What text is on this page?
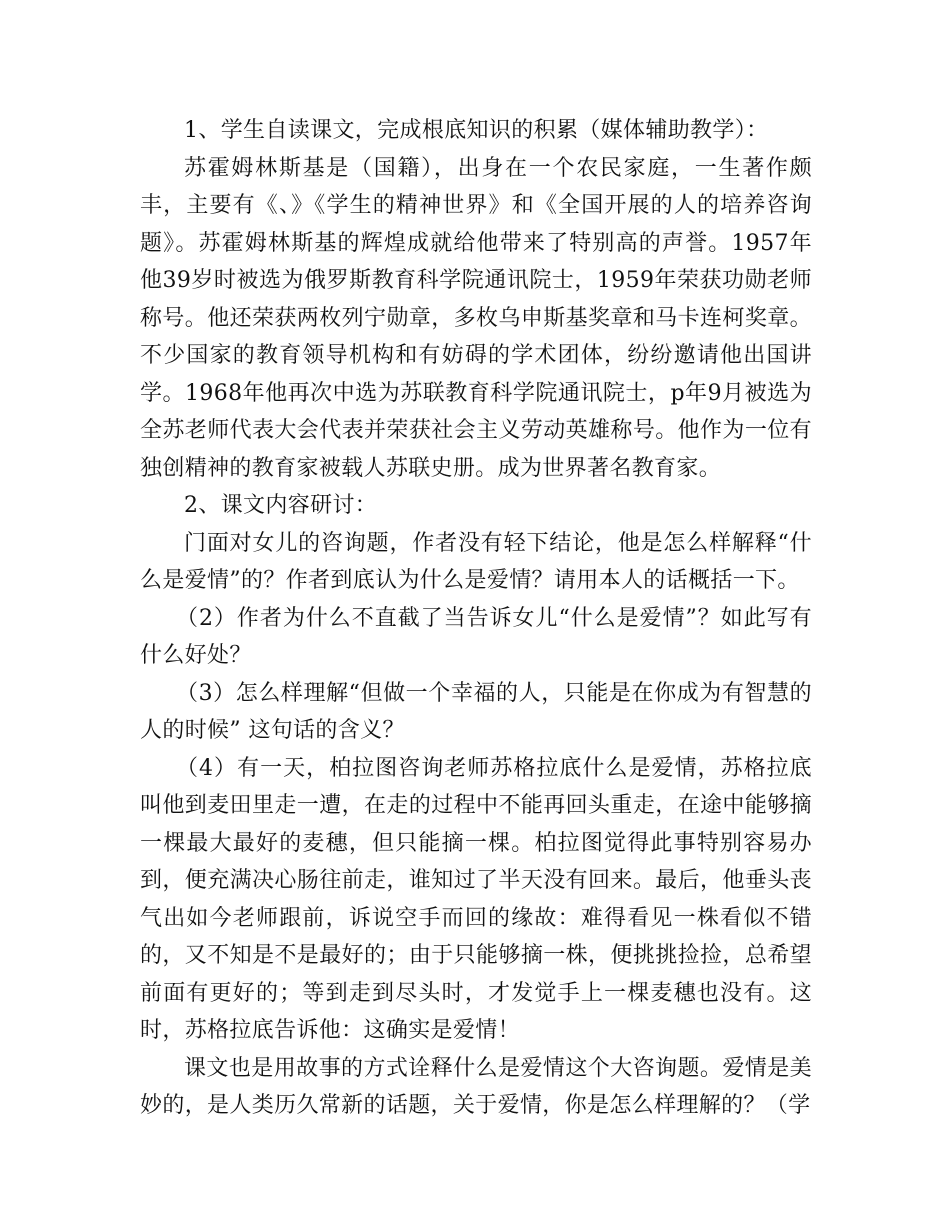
1、学生自读课文，完成根底知识的积累（媒体辅助教学）：

苏霍姆林斯基是（国籍），出身在一个农民家庭，一生著作颇丰，主要有《、》《学生的精神世界》和《全国开展的人的培养咨询题》。苏霍姆林斯基的辉煌成就给他带来了特别高的声誉。1957年他39岁时被选为俄罗斯教育科学院通讯院士，1959年荣获功勋老师称号。他还荣获两枚列宁勋章，多枚乌申斯基奖章和马卡连柯奖章。不少国家的教育领导机构和有妨碍的学术团体，纷纷邀请他出国讲学。1968年他再次中选为苏联教育科学院通讯院士，p年9月被选为全苏老师代表大会代表并荣获社会主义劳动英雄称号。他作为一位有独创精神的教育家被载人苏联史册。成为世界著名教育家。

2、课文内容研讨：

门面对女儿的咨询题，作者没有轻下结论，他是怎么样解释“什么是爱情”的？作者到底认为什么是爱情？请用本人的话概括一下。

（2）作者为什么不直截了当告诉女儿“什么是爱情”？如此写有什么好处？

（3）怎么样理解“但做一个幸福的人，只能是在你成为有智慧的人的时候” 这句话的含义？

（4）有一天，柏拉图咨询老师苏格拉底什么是爱情，苏格拉底叫他到麦田里走一遭，在走的过程中不能再回头重走，在途中能够摘一棵最大最好的麦穗，但只能摘一棵。柏拉图觉得此事特别容易办到，便充满决心肠往前走，谁知过了半天没有回来。最后，他垂头丧气出如今老师跟前，诉说空手而回的缘故：难得看见一株看似不错的，又不知是不是最好的；由于只能够摘一株，便挑挑捡捡，总希望前面有更好的；等到走到尽头时，才发觉手上一棵麦穗也没有。这时，苏格拉底告诉他：这确实是爱情！

课文也是用故事的方式诠释什么是爱情这个大咨询题。爱情是美妙的，是人类历久常新的话题，关于爱情，你是怎么样理解的？（学
